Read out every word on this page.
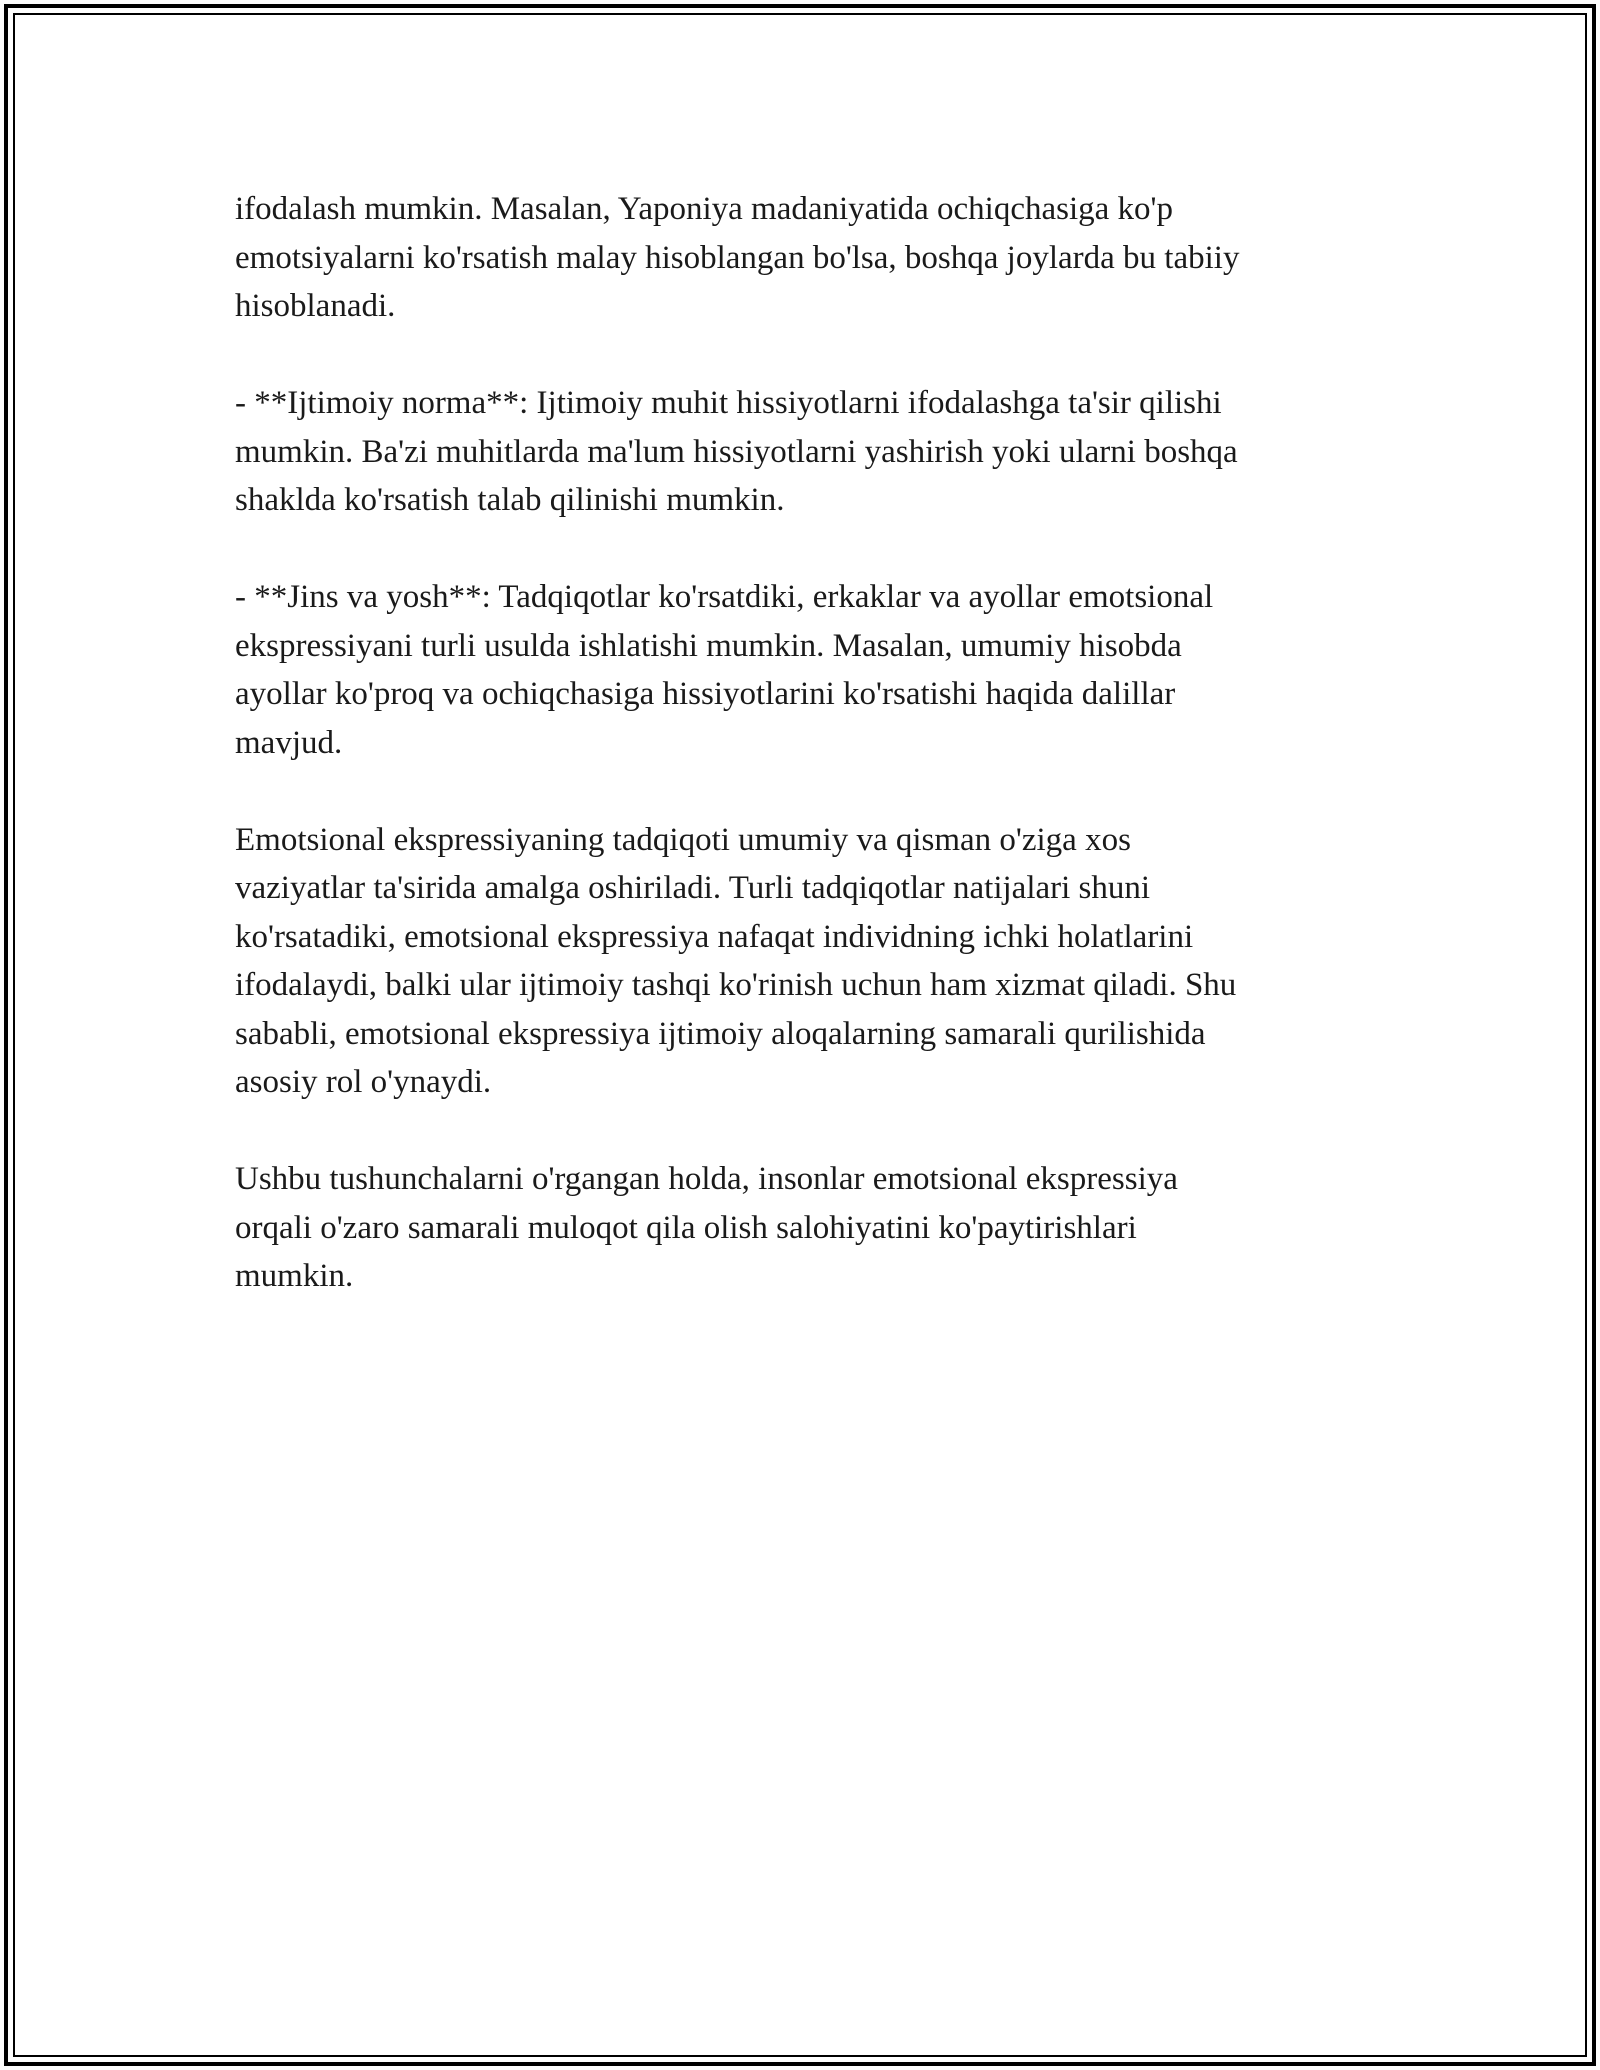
ifodalash mumkin. Masalan, Yaponiya madaniyatida ochiqchasiga ko'p
emotsiyalarni ko'rsatish malay hisoblangan bo'lsa, boshqa joylarda bu tabiiy
hisoblanadi.

- **Ijtimoiy norma**: Ijtimoiy muhit hissiyotlarni ifodalashga ta'sir qilishi
mumkin. Ba'zi muhitlarda ma'lum hissiyotlarni yashirish yoki ularni boshqa
shaklda ko'rsatish talab qilinishi mumkin.

- **Jins va yosh**: Tadqiqotlar ko'rsatdiki, erkaklar va ayollar emotsional
ekspressiyani turli usulda ishlatishi mumkin. Masalan, umumiy hisobda
ayollar ko'proq va ochiqchasiga hissiyotlarini ko'rsatishi haqida dalillar
mavjud.

Emotsional ekspressiyaning tadqiqoti umumiy va qisman o'ziga xos
vaziyatlar ta'sirida amalga oshiriladi. Turli tadqiqotlar natijalari shuni
ko'rsatadiki, emotsional ekspressiya nafaqat individning ichki holatlarini
ifodalaydi, balki ular ijtimoiy tashqi ko'rinish uchun ham xizmat qiladi. Shu
sababli, emotsional ekspressiya ijtimoiy aloqalarning samarali qurilishida
asosiy rol o'ynaydi.

Ushbu tushunchalarni o'rgangan holda, insonlar emotsional ekspressiya
orqali o'zaro samarali muloqot qila olish salohiyatini ko'paytirishlari
mumkin.
